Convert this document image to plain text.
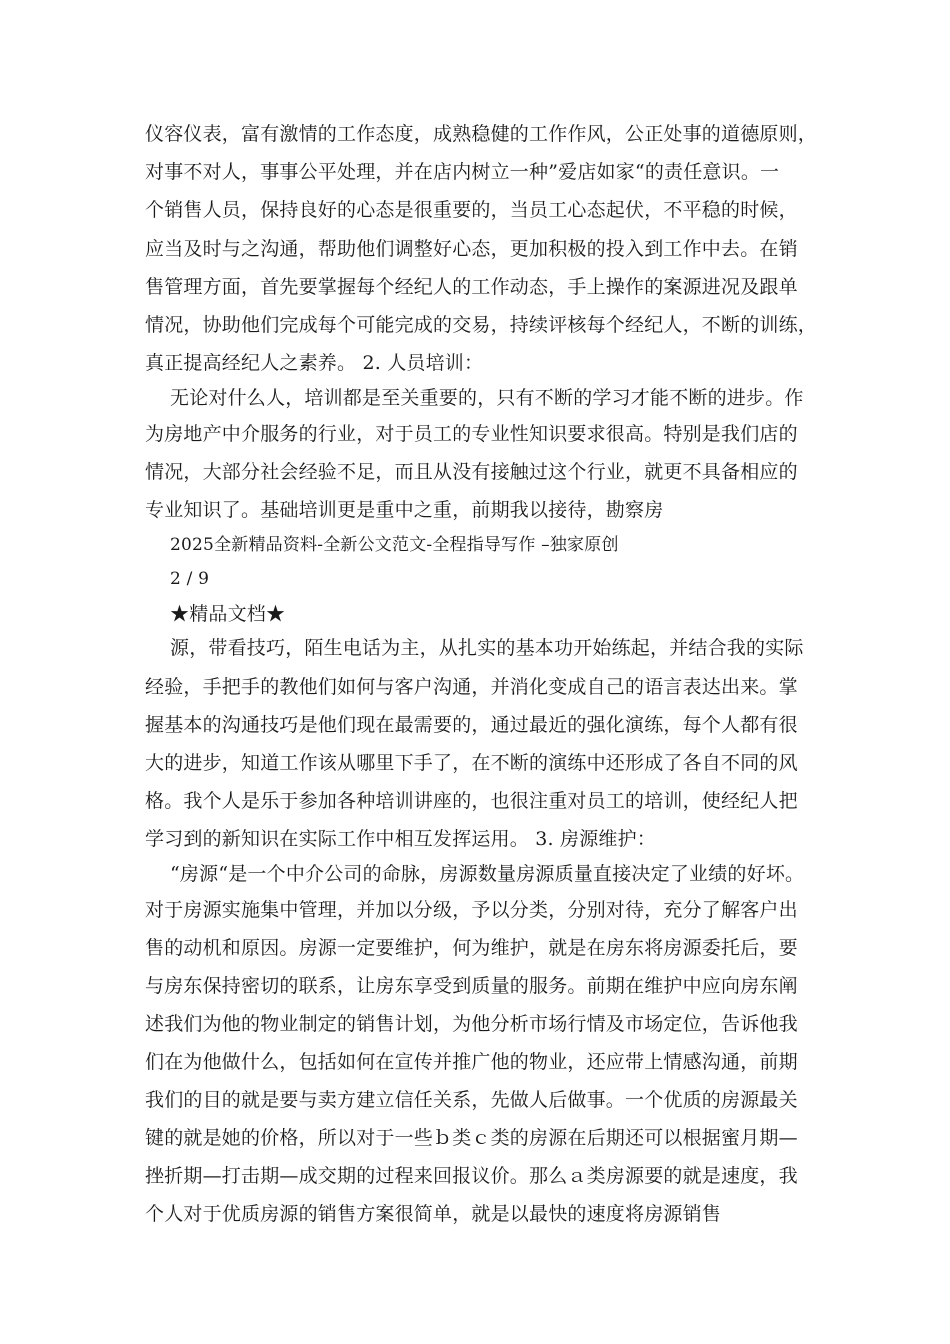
仪容仪表，富有激情的工作态度，成熟稳健的工作作风，公正处事的道德原则，
对事不对人，事事公平处理，并在店内树立一种”爱店如家“的责任意识。一
个销售人员，保持良好的心态是很重要的，当员工心态起伏，不平稳的时候，
应当及时与之沟通，帮助他们调整好心态，更加积极的投入到工作中去。在销
售管理方面，首先要掌握每个经纪人的工作动态，手上操作的案源进况及跟单
情况，协助他们完成每个可能完成的交易，持续评核每个经纪人，不断的训练，
真正提高经纪人之素养。 2. 人员培训：
无论对什么人，培训都是至关重要的，只有不断的学习才能不断的进步。作
为房地产中介服务的行业，对于员工的专业性知识要求很高。特别是我们店的
情况，大部分社会经验不足，而且从没有接触过这个行业，就更不具备相应的
专业知识了。基础培训更是重中之重，前期我以接待，勘察房
2025全新精品资料-全新公文范文-全程指导写作 –独家原创
2 / 9
★精品文档★
源，带看技巧，陌生电话为主，从扎实的基本功开始练起，并结合我的实际
经验，手把手的教他们如何与客户沟通，并消化变成自己的语言表达出来。掌
握基本的沟通技巧是他们现在最需要的，通过最近的强化演练，每个人都有很
大的进步，知道工作该从哪里下手了，在不断的演练中还形成了各自不同的风
格。我个人是乐于参加各种培训讲座的，也很注重对员工的培训，使经纪人把
学习到的新知识在实际工作中相互发挥运用。 3. 房源维护：
“房源“是一个中介公司的命脉，房源数量房源质量直接决定了业绩的好坏。
对于房源实施集中管理，并加以分级，予以分类，分别对待，充分了解客户出
售的动机和原因。房源一定要维护，何为维护，就是在房东将房源委托后，要
与房东保持密切的联系，让房东享受到质量的服务。前期在维护中应向房东阐
述我们为他的物业制定的销售计划，为他分析市场行情及市场定位，告诉他我
们在为他做什么，包括如何在宣传并推广他的物业，还应带上情感沟通，前期
我们的目的就是要与卖方建立信任关系，先做人后做事。一个优质的房源最关
键的就是她的价格，所以对于一些ｂ类ｃ类的房源在后期还可以根据蜜月期—
挫折期—打击期—成交期的过程来回报议价。那么ａ类房源要的就是速度，我
个人对于优质房源的销售方案很简单，就是以最快的速度将房源销售
